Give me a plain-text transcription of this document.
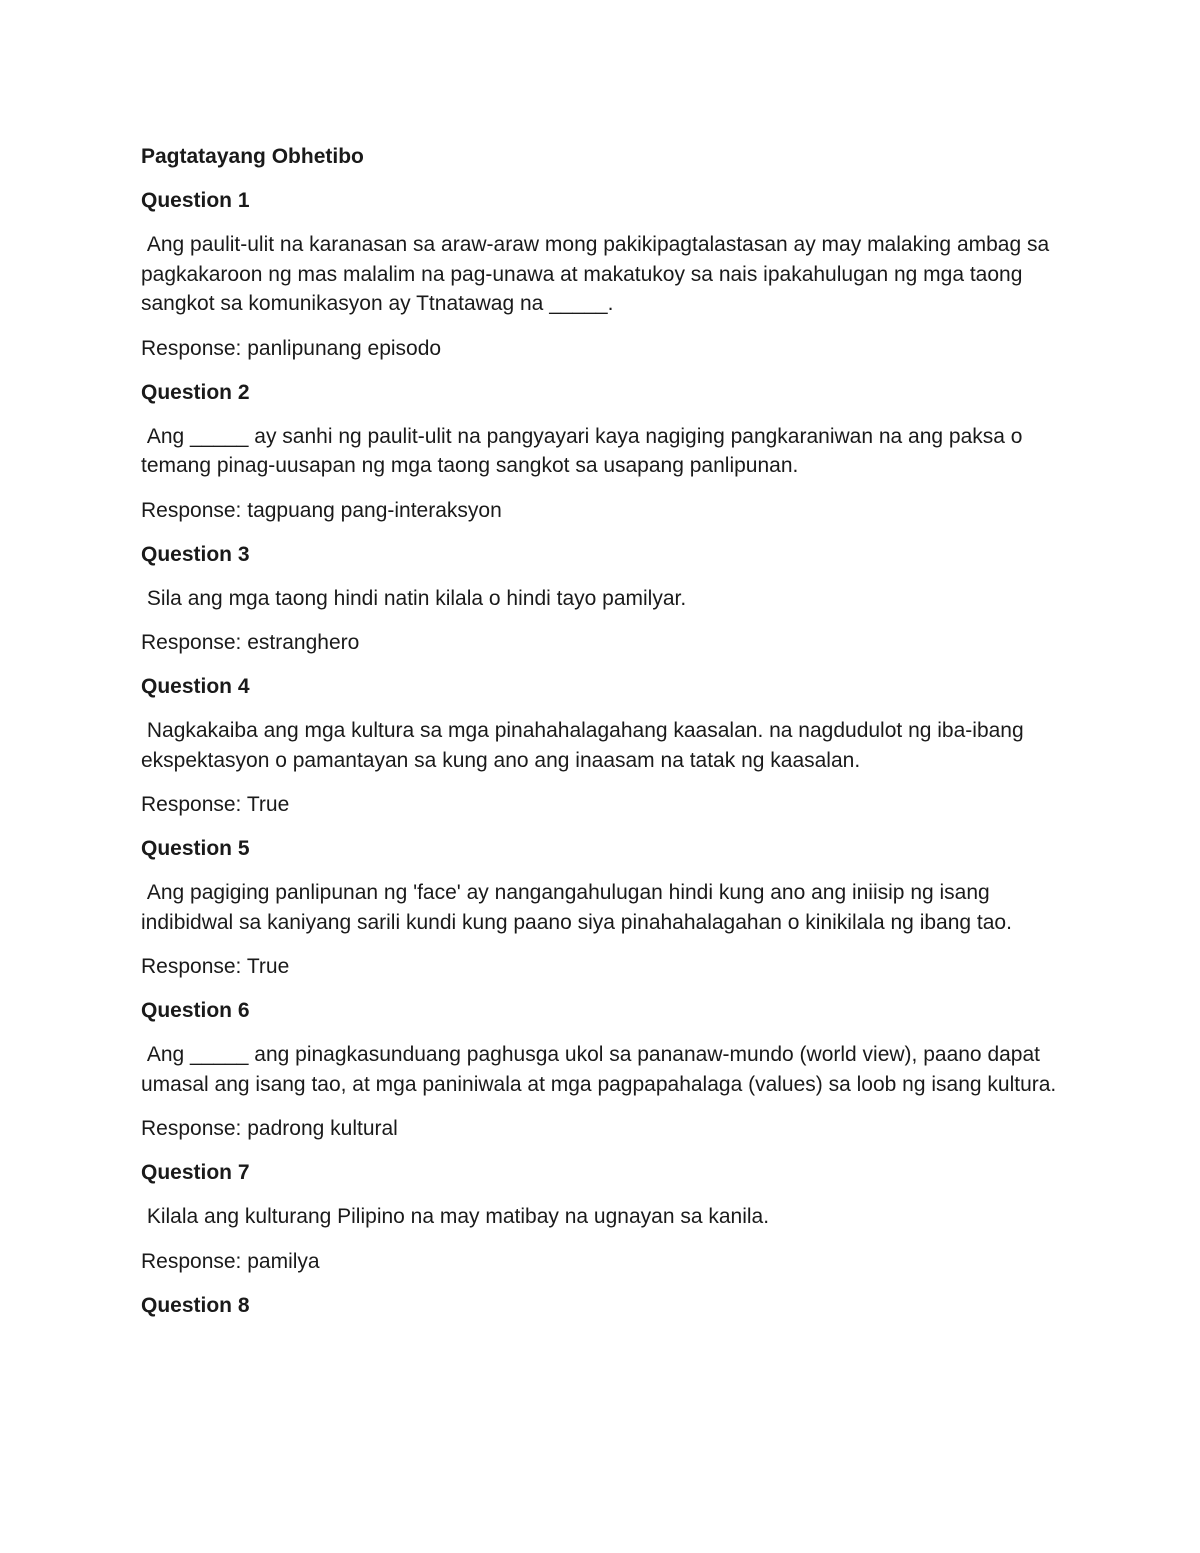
Pagtatayang Obhetibo
Question 1
Ang paulit-ulit na karanasan sa araw-araw mong pakikipagtalastasan ay may malaking ambag sa pagkakaroon ng mas malalim na pag-unawa at makatukoy sa nais ipakahulugan ng mga taong sangkot sa komunikasyon ay Ttnatawag na _____.
Response: panlipunang episodo
Question 2
Ang _____ ay sanhi ng paulit-ulit na pangyayari kaya nagiging pangkaraniwan na ang paksa o temang pinag-uusapan ng mga taong sangkot sa usapang panlipunan.
Response: tagpuang pang-interaksyon
Question 3
Sila ang mga taong hindi natin kilala o hindi tayo pamilyar.
Response: estranghero
Question 4
Nagkakaiba ang mga kultura sa mga pinahahalagahang kaasalan. na nagdudulot ng iba-ibang ekspektasyon o pamantayan sa kung ano ang inaasam na tatak ng kaasalan.
Response: True
Question 5
Ang pagiging panlipunan ng 'face' ay nangangahulugan hindi kung ano ang iniisip ng isang indibidwal sa kaniyang sarili kundi kung paano siya pinahahalagahan o kinikilala ng ibang tao.
Response: True
Question 6
Ang _____ ang pinagkasunduang paghusga ukol sa pananaw-mundo (world view), paano dapat umasal ang isang tao, at mga paniniwala at mga pagpapahalaga (values) sa loob ng isang kultura.
Response: padrong kultural
Question 7
Kilala ang kulturang Pilipino na may matibay na ugnayan sa kanila.
Response: pamilya
Question 8
